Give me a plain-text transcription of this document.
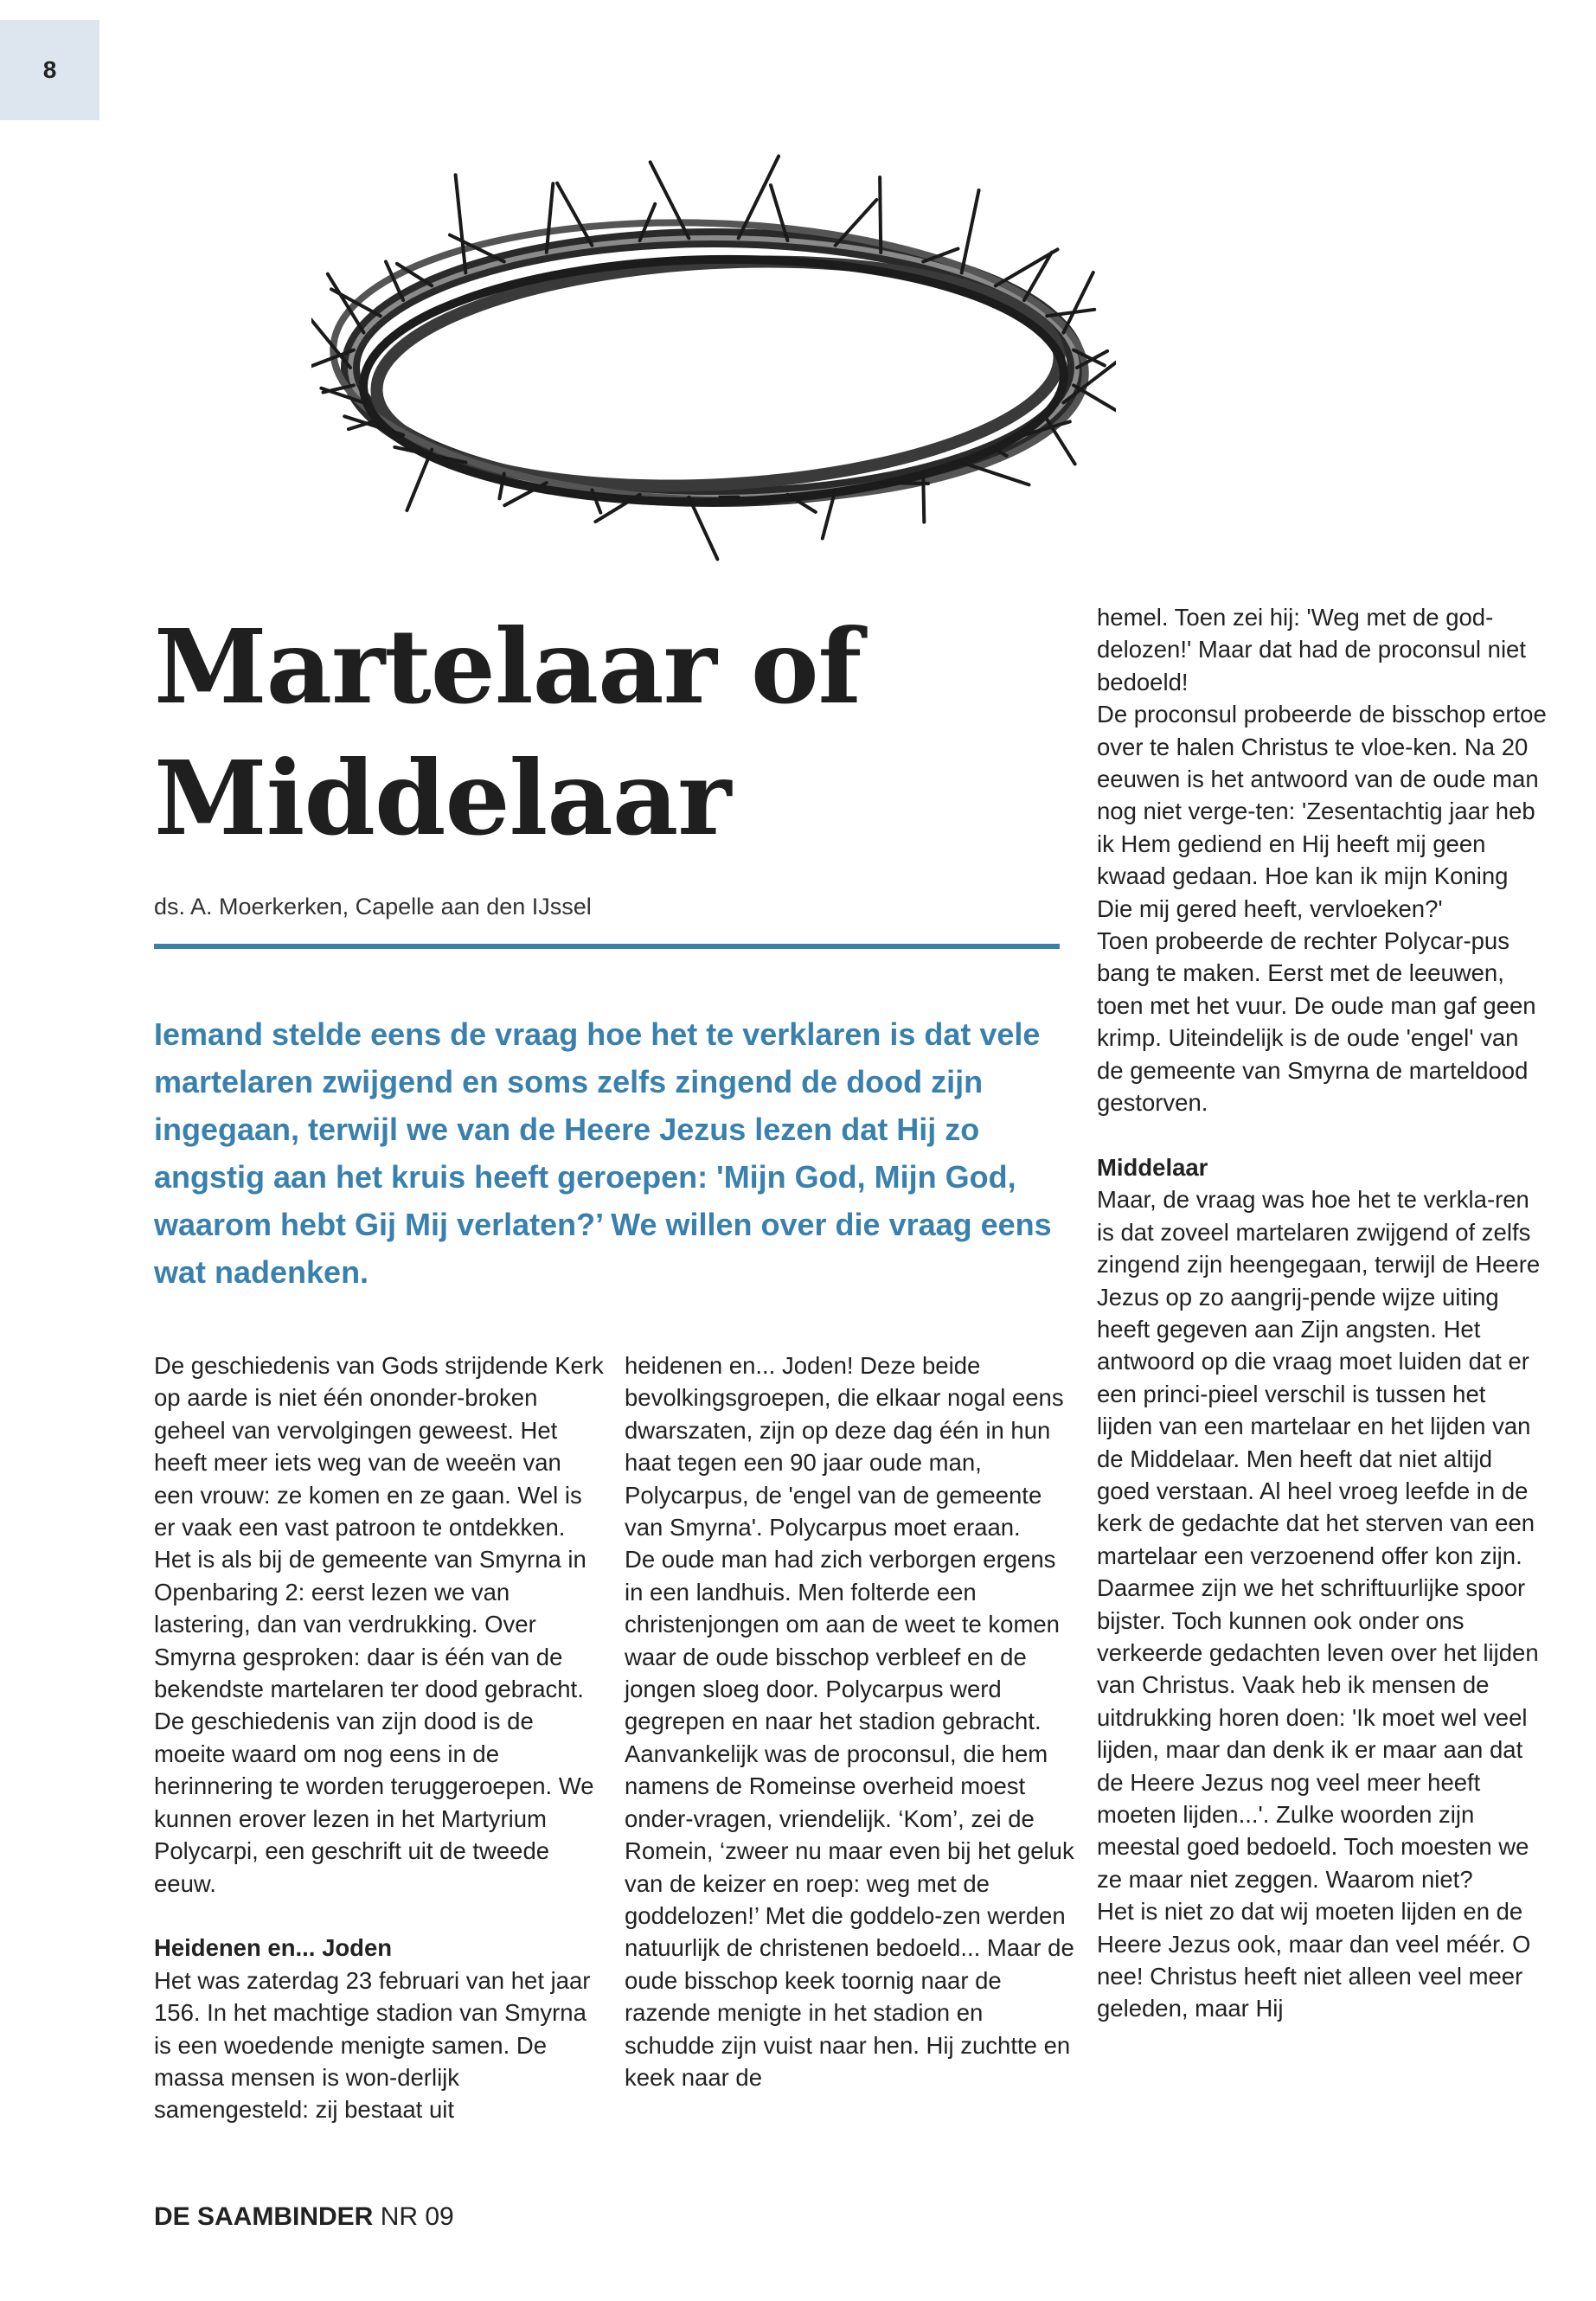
8
Martelaar of
Middelaar
ds. A. Moerkerken, Capelle aan den IJssel

Iemand stelde eens de vraag hoe het te verklaren is dat vele martelaren zwijgend en soms zelfs zingend de dood zijn ingegaan, terwijl we van de Heere Jezus lezen dat Hij zo angstig aan het kruis heeft geroepen: 'Mijn God, Mijn God, waarom hebt Gij Mij verlaten?’ We willen over die vraag eens wat nadenken.

De geschiedenis van Gods strijdende Kerk op aarde is niet één ononder-broken geheel van vervolgingen geweest. Het heeft meer iets weg van de weeën van een vrouw: ze komen en ze gaan. Wel is er vaak een vast patroon te ontdekken. Het is als bij de gemeente van Smyrna in Openbaring 2: eerst lezen we van lastering, dan van verdrukking. Over Smyrna gesproken: daar is één van de bekendste martelaren ter dood gebracht. De geschiedenis van zijn dood is de moeite waard om nog eens in de herinnering te worden teruggeroepen. We kunnen erover lezen in het Martyrium Polycarpi, een geschrift uit de tweede eeuw.

Heidenen en... Joden

Het was zaterdag 23 februari van het jaar 156. In het machtige stadion van Smyrna is een woedende menigte samen. De massa mensen is won-derlijk samengesteld: zij bestaat uit

heidenen en... Joden! Deze beide bevolkingsgroepen, die elkaar nogal eens dwarszaten, zijn op deze dag één in hun haat tegen een 90 jaar oude man, Polycarpus, de 'engel van de gemeente van Smyrna'. Polycarpus moet eraan.

De oude man had zich verborgen ergens in een landhuis. Men folterde een christenjongen om aan de weet te komen waar de oude bisschop verbleef en de jongen sloeg door. Polycarpus werd gegrepen en naar het stadion gebracht. Aanvankelijk was de proconsul, die hem namens de Romeinse overheid moest onder-vragen, vriendelijk. ‘Kom’, zei de Romein, ‘zweer nu maar even bij het geluk van de keizer en roep: weg met de goddelozen!’ Met die goddelo-zen werden natuurlijk de christenen bedoeld... Maar de oude bisschop keek toornig naar de razende menigte in het stadion en schudde zijn vuist naar hen. Hij zuchtte en keek naar de

hemel. Toen zei hij: 'Weg met de god-delozen!' Maar dat had de proconsul niet bedoeld!

De proconsul probeerde de bisschop ertoe over te halen Christus te vloe-ken. Na 20 eeuwen is het antwoord van de oude man nog niet verge-ten: 'Zesentachtig jaar heb ik Hem gediend en Hij heeft mij geen kwaad gedaan. Hoe kan ik mijn Koning Die mij gered heeft, vervloeken?'

Toen probeerde de rechter Polycar-pus bang te maken. Eerst met de leeuwen, toen met het vuur. De oude man gaf geen krimp. Uiteindelijk is de oude 'engel' van de gemeente van Smyrna de marteldood gestorven.

Middelaar

Maar, de vraag was hoe het te verkla-ren is dat zoveel martelaren zwijgend of zelfs zingend zijn heengegaan, terwijl de Heere Jezus op zo aangrij-pende wijze uiting heeft gegeven aan Zijn angsten. Het antwoord op die vraag moet luiden dat er een princi-pieel verschil is tussen het lijden van een martelaar en het lijden van de Middelaar. Men heeft dat niet altijd goed verstaan. Al heel vroeg leefde in de kerk de gedachte dat het sterven van een martelaar een verzoenend offer kon zijn. Daarmee zijn we het schriftuurlijke spoor bijster. Toch kunnen ook onder ons verkeerde gedachten leven over het lijden van Christus. Vaak heb ik mensen de uitdrukking horen doen: 'Ik moet wel veel lijden, maar dan denk ik er maar aan dat de Heere Jezus nog veel meer heeft moeten lijden...'. Zulke woorden zijn meestal goed bedoeld. Toch moesten we ze maar niet zeggen. Waarom niet?

Het is niet zo dat wij moeten lijden en de Heere Jezus ook, maar dan veel méér. O nee! Christus heeft niet alleen veel meer geleden, maar Hij

DE SAAMBINDER NR 09
